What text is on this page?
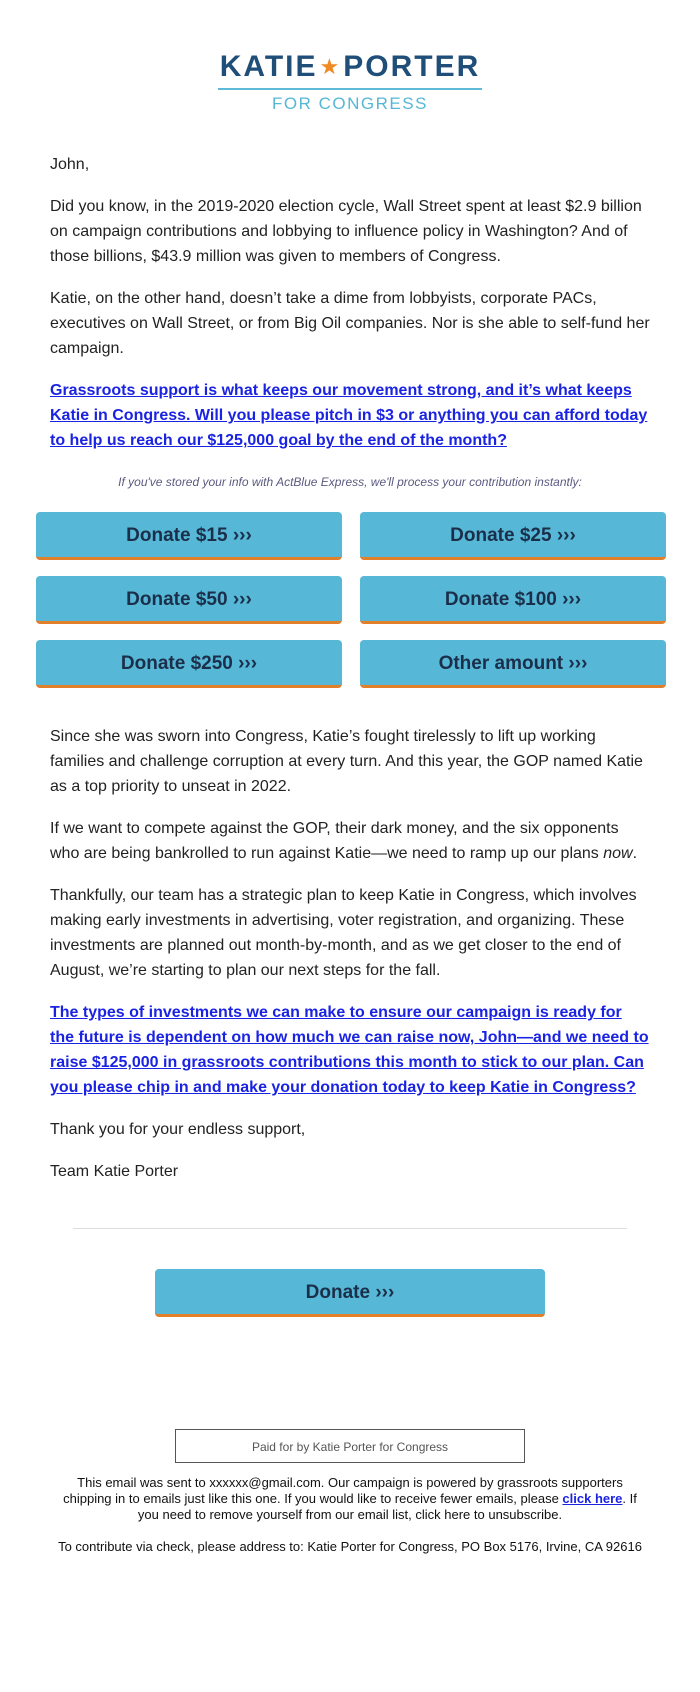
KATIE★PORTER
FOR CONGRESS

John,

Did you know, in the 2019-2020 election cycle, Wall Street spent at least $2.9 billion on campaign contributions and lobbying to influence policy in Washington? And of those billions, $43.9 million was given to members of Congress.

Katie, on the other hand, doesn’t take a dime from lobbyists, corporate PACs, executives on Wall Street, or from Big Oil companies. Nor is she able to self-fund her campaign.

Grassroots support is what keeps our movement strong, and it’s what keeps Katie in Congress. Will you please pitch in $3 or anything you can afford today to help us reach our $125,000 goal by the end of the month?

If you've stored your info with ActBlue Express, we'll process your contribution instantly:

Donate $15 ›››	Donate $25 ›››
Donate $50 ›››	Donate $100 ›››
Donate $250 ›››	Other amount ›››

Since she was sworn into Congress, Katie’s fought tirelessly to lift up working families and challenge corruption at every turn. And this year, the GOP named Katie as a top priority to unseat in 2022.

If we want to compete against the GOP, their dark money, and the six opponents who are being bankrolled to run against Katie—we need to ramp up our plans now.

Thankfully, our team has a strategic plan to keep Katie in Congress, which involves making early investments in advertising, voter registration, and organizing. These investments are planned out month-by-month, and as we get closer to the end of August, we’re starting to plan our next steps for the fall.

The types of investments we can make to ensure our campaign is ready for the future is dependent on how much we can raise now, John—and we need to raise $125,000 in grassroots contributions this month to stick to our plan. Can you please chip in and make your donation today to keep Katie in Congress?

Thank you for your endless support,

Team Katie Porter

Donate ›››
Paid for by Katie Porter for Congress

This email was sent to xxxxxx@gmail.com. Our campaign is powered by grassroots supporters chipping in to emails just like this one. If you would like to receive fewer emails, please click here. If you need to remove yourself from our email list, click here to unsubscribe.

To contribute via check, please address to: Katie Porter for Congress, PO Box 5176, Irvine, CA 92616
